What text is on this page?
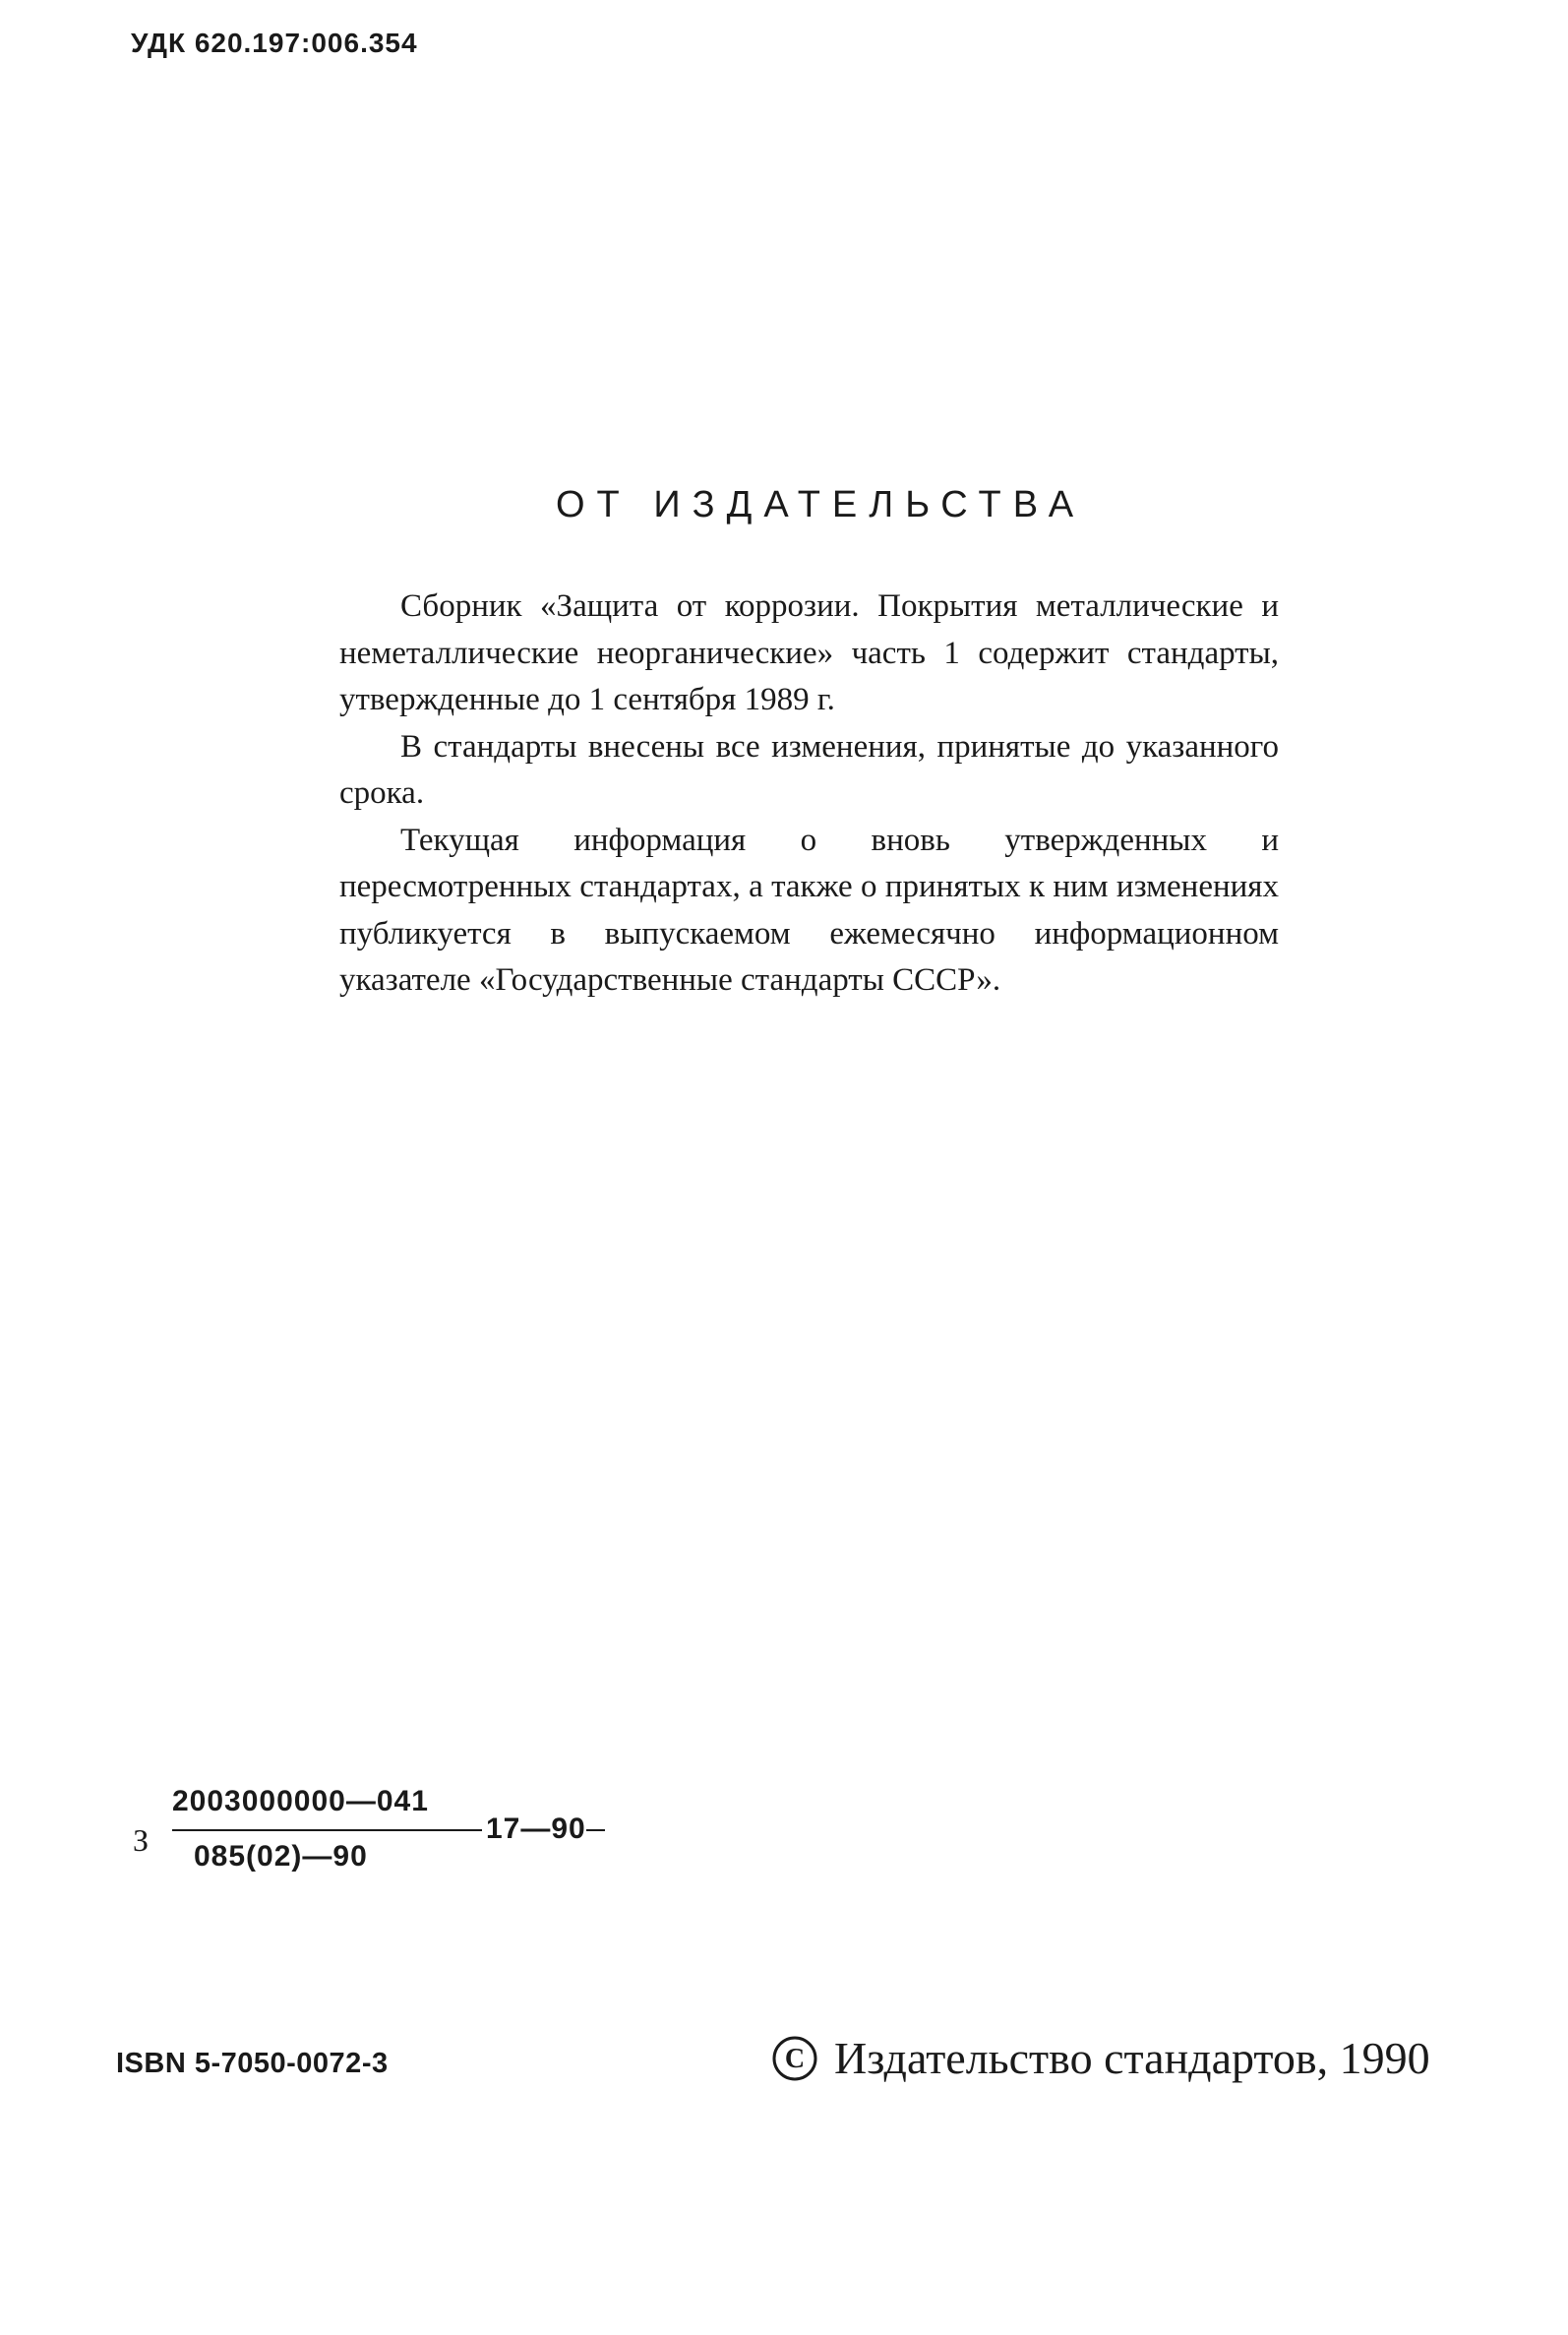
УДК 620.197:006.354
ОТ ИЗДАТЕЛЬСТВА

Сборник «Защита от коррозии. Покрытия металлические и неметаллические неорганические» часть 1 содержит стандарты, утвержденные до 1 сентября 1989 г.

В стандарты внесены все изменения, принятые до указанного срока.

Текущая информация о вновь утвержденных и пересмотренных стандартах, а также о принятых к ним изменениях публикуется в выпускаемом ежемесячно информационном указателе «Государственные стандарты СССР».

З
2003000000—041
085(02)—90
17—90
ISBN 5-7050-0072-3	C Издательство стандартов, 1990
